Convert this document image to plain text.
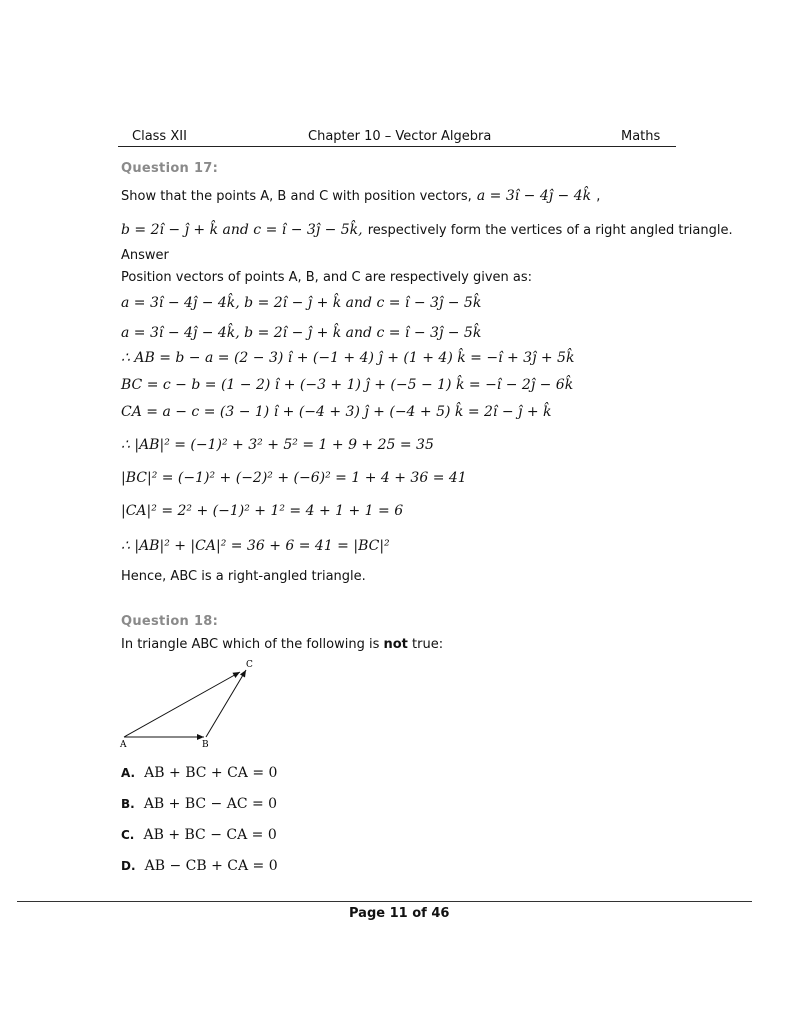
Class XII	Chapter 10 – Vector Algebra	Maths
Question 17:
Show that the points A, B and C with position vectors, a = 3î − 4ĵ − 4k̂ ,
b = 2î − ĵ + k̂ and c = î − 3ĵ − 5k̂, respectively form the vertices of a right angled triangle.
Answer
Position vectors of points A, B, and C are respectively given as:
a = 3î − 4ĵ − 4k̂, b = 2î − ĵ + k̂ and c = î − 3ĵ − 5k̂
a = 3î − 4ĵ − 4k̂, b = 2î − ĵ + k̂ and c = î − 3ĵ − 5k̂
∴ AB = b − a = (2 − 3) î + (−1 + 4) ĵ + (1 + 4) k̂ = −î + 3ĵ + 5k̂
BC = c − b = (1 − 2) î + (−3 + 1) ĵ + (−5 − 1) k̂ = −î − 2ĵ − 6k̂
CA = a − c = (3 − 1) î + (−4 + 3) ĵ + (−4 + 5) k̂ = 2î − ĵ + k̂
∴ |AB|² = (−1)² + 3² + 5² = 1 + 9 + 25 = 35
|BC|² = (−1)² + (−2)² + (−6)² = 1 + 4 + 36 = 41
|CA|² = 2² + (−1)² + 1² = 4 + 1 + 1 = 6
∴ |AB|² + |CA|² = 36 + 6 = 41 = |BC|²
Hence, ABC is a right-angled triangle.
Question 18:
In triangle ABC which of the following is not true:
A	B
C
A. AB + BC + CA = 0
B. AB + BC − AC = 0
C. AB + BC − CA = 0
D. AB − CB + CA = 0
Page 11 of 46
